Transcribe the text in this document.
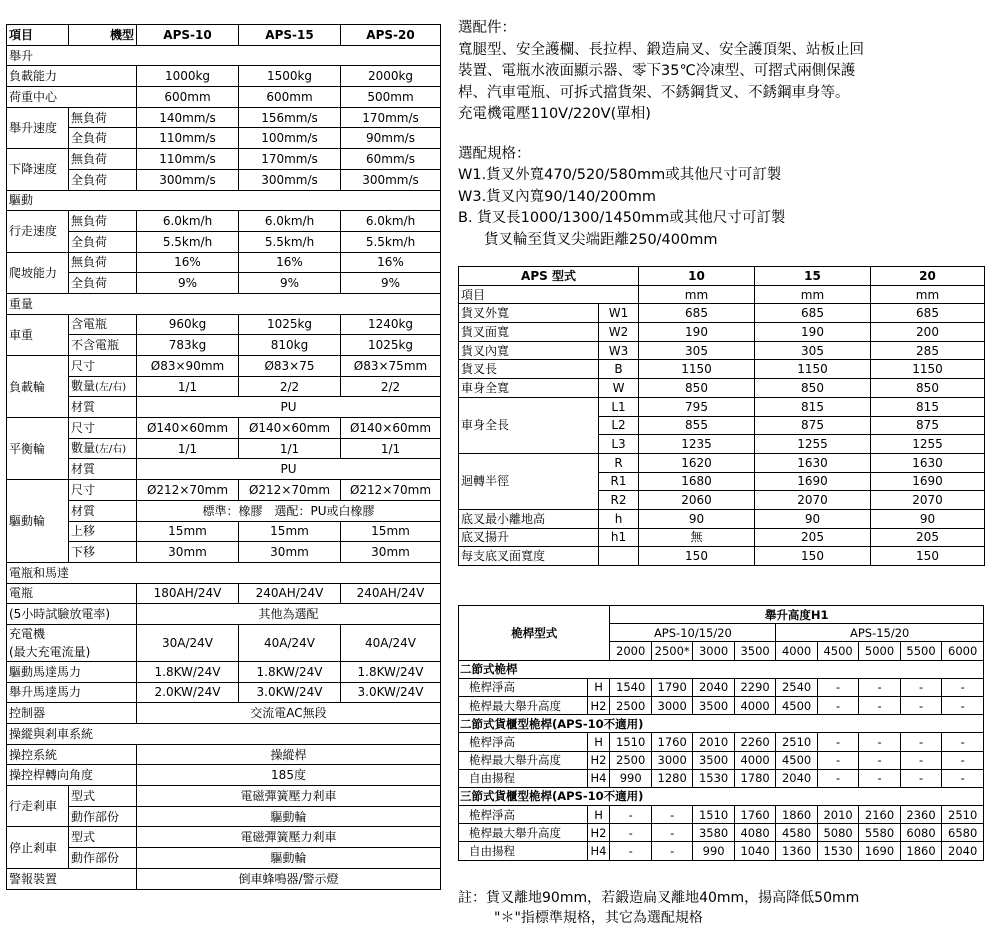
項目	機型	APS-10	APS-15	APS-20
舉升				
負載能力		1000kg	1500kg	2000kg
荷重中心		600mm	600mm	500mm
舉升速度	無負荷	140mm/s	156mm/s	170mm/s
	全負荷	110mm/s	100mm/s	90mm/s
下降速度	無負荷	110mm/s	170mm/s	60mm/s
	全負荷	300mm/s	300mm/s	300mm/s
驅動				
行走速度	無負荷	6.0km/h	6.0km/h	6.0km/h
	全負荷	5.5km/h	5.5km/h	5.5km/h
爬坡能力	無負荷	16%	16%	16%
	全負荷	9%	9%	9%
重量				
車重	含電瓶	960kg	1025kg	1240kg
	不含電瓶	783kg	810kg	1025kg
負載輪	尺寸	Ø83×90mm	Ø83×75	Ø83×75mm
	數量(左/右)	1/1	2/2	2/2
	材質	PU		
平衡輪	尺寸	Ø140×60mm	Ø140×60mm	Ø140×60mm
	數量(左/右)	1/1	1/1	1/1
	材質	PU		
驅動輪	尺寸	Ø212×70mm	Ø212×70mm	Ø212×70mm
	材質	標準：橡膠　選配：PU或白橡膠		
	上移	15mm	15mm	15mm
	下移	30mm	30mm	30mm
電瓶和馬達				
電瓶		180AH/24V	240AH/24V	240AH/24V
(5小時試驗放電率)		其他為選配		

充電機
(最大充電流量)		30A/24V	40A/24V	40A/24V
驅動馬達馬力		1.8KW/24V	1.8KW/24V	1.8KW/24V
舉升馬達馬力		2.0KW/24V	3.0KW/24V	3.0KW/24V
控制器		交流電AC無段		
操縱與剎車系統				
操控系統		操縱桿		
操控桿轉向角度		185度		
行走剎車	型式	電磁彈簧壓力剎車		
	動作部份	驅動輪		
停止剎車	型式	電磁彈簧壓力剎車		
	動作部份	驅動輪		
警報裝置		倒車蜂鳴器/警示燈		
選配件：
寬腿型、安全護欄、長拉桿、鍛造扁叉、安全護頂架、站板止回
裝置、電瓶水液面顯示器、零下35℃冷凍型、可摺式兩側保護
桿、汽車電瓶、可拆式擋貨架、不銹鋼貨叉、不銹鋼車身等。
充電機電壓110V/220V(單相)
選配規格：
W1.貨叉外寬470/520/580mm或其他尺寸可訂製
W3.貨叉內寬90/140/200mm
B. 貨叉長1000/1300/1450mm或其他尺寸可訂製
貨叉輪至貨叉尖端距離250/400mm
APS 型式		10	15	20
項目		mm	mm	mm
貨叉外寬	W1	685	685	685
貨叉面寬	W2	190	190	200
貨叉內寬	W3	305	305	285
貨叉長	B	1150	1150	1150
車身全寬	W	850	850	850
車身全長	L1	795	815	815
	L2	855	875	875
	L3	1235	1255	1255
迴轉半徑	R	1620	1630	1630
	R1	1680	1690	1690
	R2	2060	2070	2070
底叉最小離地高	h	90	90	90
底叉揚升	h1	無	205	205
每支底叉面寬度		150	150	150
桅桿型式		舉升高度H1								
		APS-10/15/20				APS-15/20				
		2000	2500*	3000	3500	4000	4500	5000	5500	6000
二節式桅桿										
桅桿淨高	H	1540	1790	2040	2290	2540	-	-	-	-
桅桿最大舉升高度	H2	2500	3000	3500	4000	4500	-	-	-	-
二節式貨櫃型桅桿(APS-10不適用)										
桅桿淨高	H	1510	1760	2010	2260	2510	-	-	-	-
桅桿最大舉升高度	H2	2500	3000	3500	4000	4500	-	-	-	-
自由揚程	H4	990	1280	1530	1780	2040	-	-	-	-
三節式貨櫃型桅桿(APS-10不適用)										
桅桿淨高	H	-	-	1510	1760	1860	2010	2160	2360	2510
桅桿最大舉升高度	H2	-	-	3580	4080	4580	5080	5580	6080	6580
自由揚程	H4	-	-	990	1040	1360	1530	1690	1860	2040
註：貨叉離地90mm，若鍛造扁叉離地40mm，揚高降低50mm
"＊"指標準規格，其它為選配規格
